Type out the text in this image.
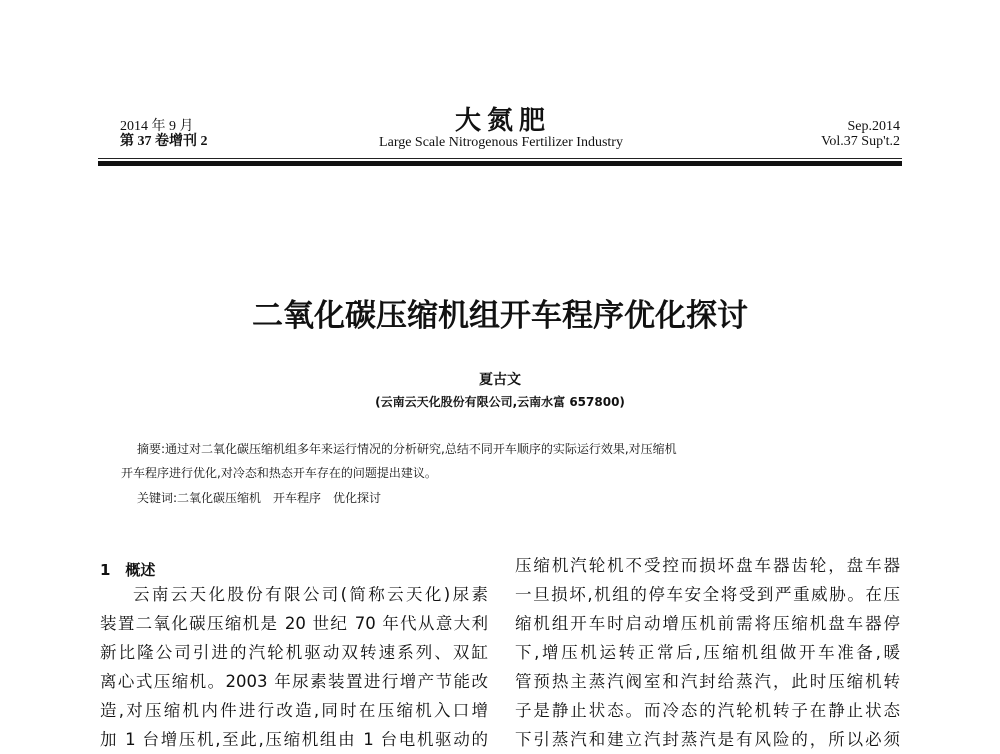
2014 年 9 月
第 37 卷增刊 2
大氮肥
Large Scale Nitrogenous Fertilizer Industry
Sep.2014
Vol.37 Sup't.2
二氧化碳压缩机组开车程序优化探讨
夏古文
(云南云天化股份有限公司,云南水富 657800)
摘要:通过对二氧化碳压缩机组多年来运行情况的分析研究,总结不同开车顺序的实际运行效果,对压缩机
开车程序进行优化,对冷态和热态开车存在的问题提出建议。
关键词:二氧化碳压缩机　开车程序　优化探讨
1　概述
云南云天化股份有限公司(简称云天化)尿素
装置二氧化碳压缩机是 20 世纪 70 年代从意大利
新比隆公司引进的汽轮机驱动双转速系列、双缸
离心式压缩机。2003 年尿素装置进行增产节能改
造,对压缩机内件进行改造,同时在压缩机入口增
加 1 台增压机,至此,压缩机组由 1 台电机驱动的
压缩机汽轮机不受控而损坏盘车器齿轮，盘车器
一旦损坏,机组的停车安全将受到严重威胁。在压
缩机组开车时启动增压机前需将压缩机盘车器停
下,增压机运转正常后,压缩机组做开车准备,暖
管预热主蒸汽阀室和汽封给蒸汽，此时压缩机转
子是静止状态。而冷态的汽轮机转子在静止状态
下引蒸汽和建立汽封蒸汽是有风险的，所以必须
